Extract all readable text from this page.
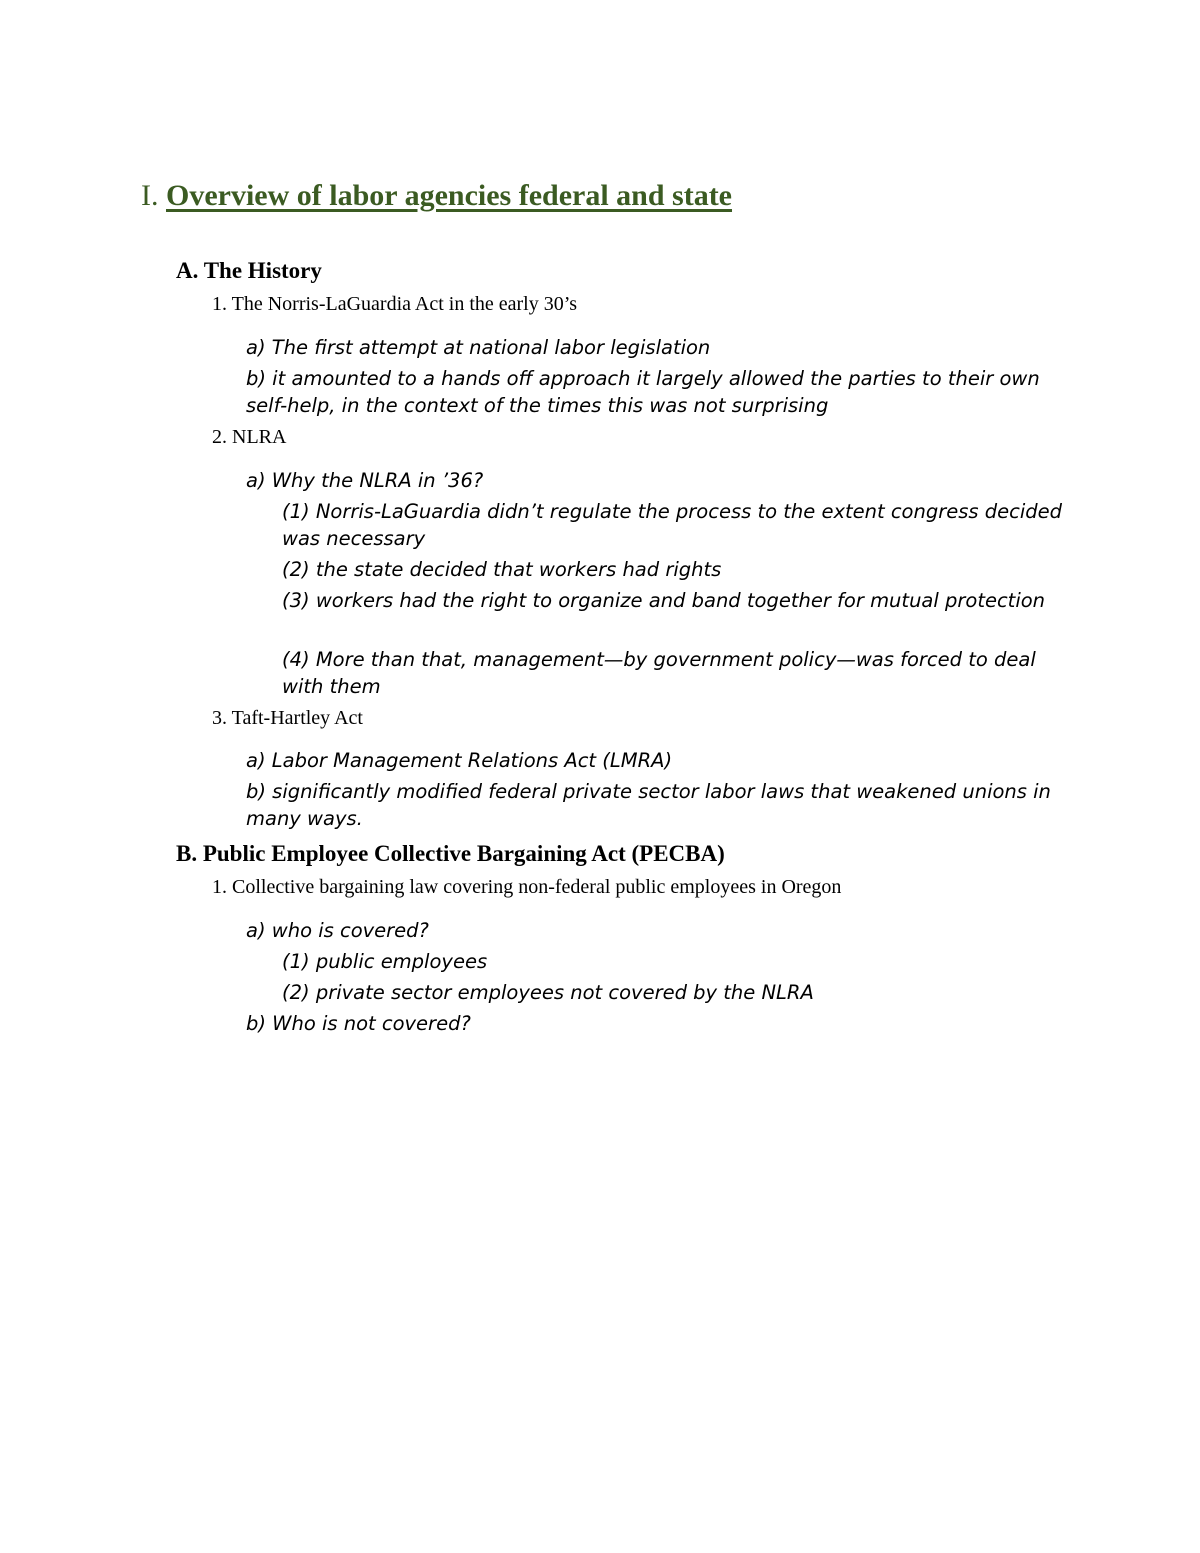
I. Overview of labor agencies federal and state
A. The History
1. The Norris-LaGuardia Act in the early 30’s
a) The first attempt at national labor legislation
b) it amounted to a hands off approach it largely allowed the parties to their own self-help, in the context of the times this was not surprising
2. NLRA
a) Why the NLRA in ’36?
(1) Norris-LaGuardia didn’t regulate the process to the extent congress decided was necessary
(2) the state decided that workers had rights
(3) workers had the right to organize and band together for mutual protection
(4) More than that, management—by government policy—was forced to deal with them
3. Taft-Hartley Act
a) Labor Management Relations Act (LMRA)
b) significantly modified federal private sector labor laws that weakened unions in many ways.
B. Public Employee Collective Bargaining Act (PECBA)
1. Collective bargaining law covering non-federal public employees in Oregon
a) who is covered?
(1) public employees
(2) private sector employees not covered by the NLRA
b) Who is not covered?
